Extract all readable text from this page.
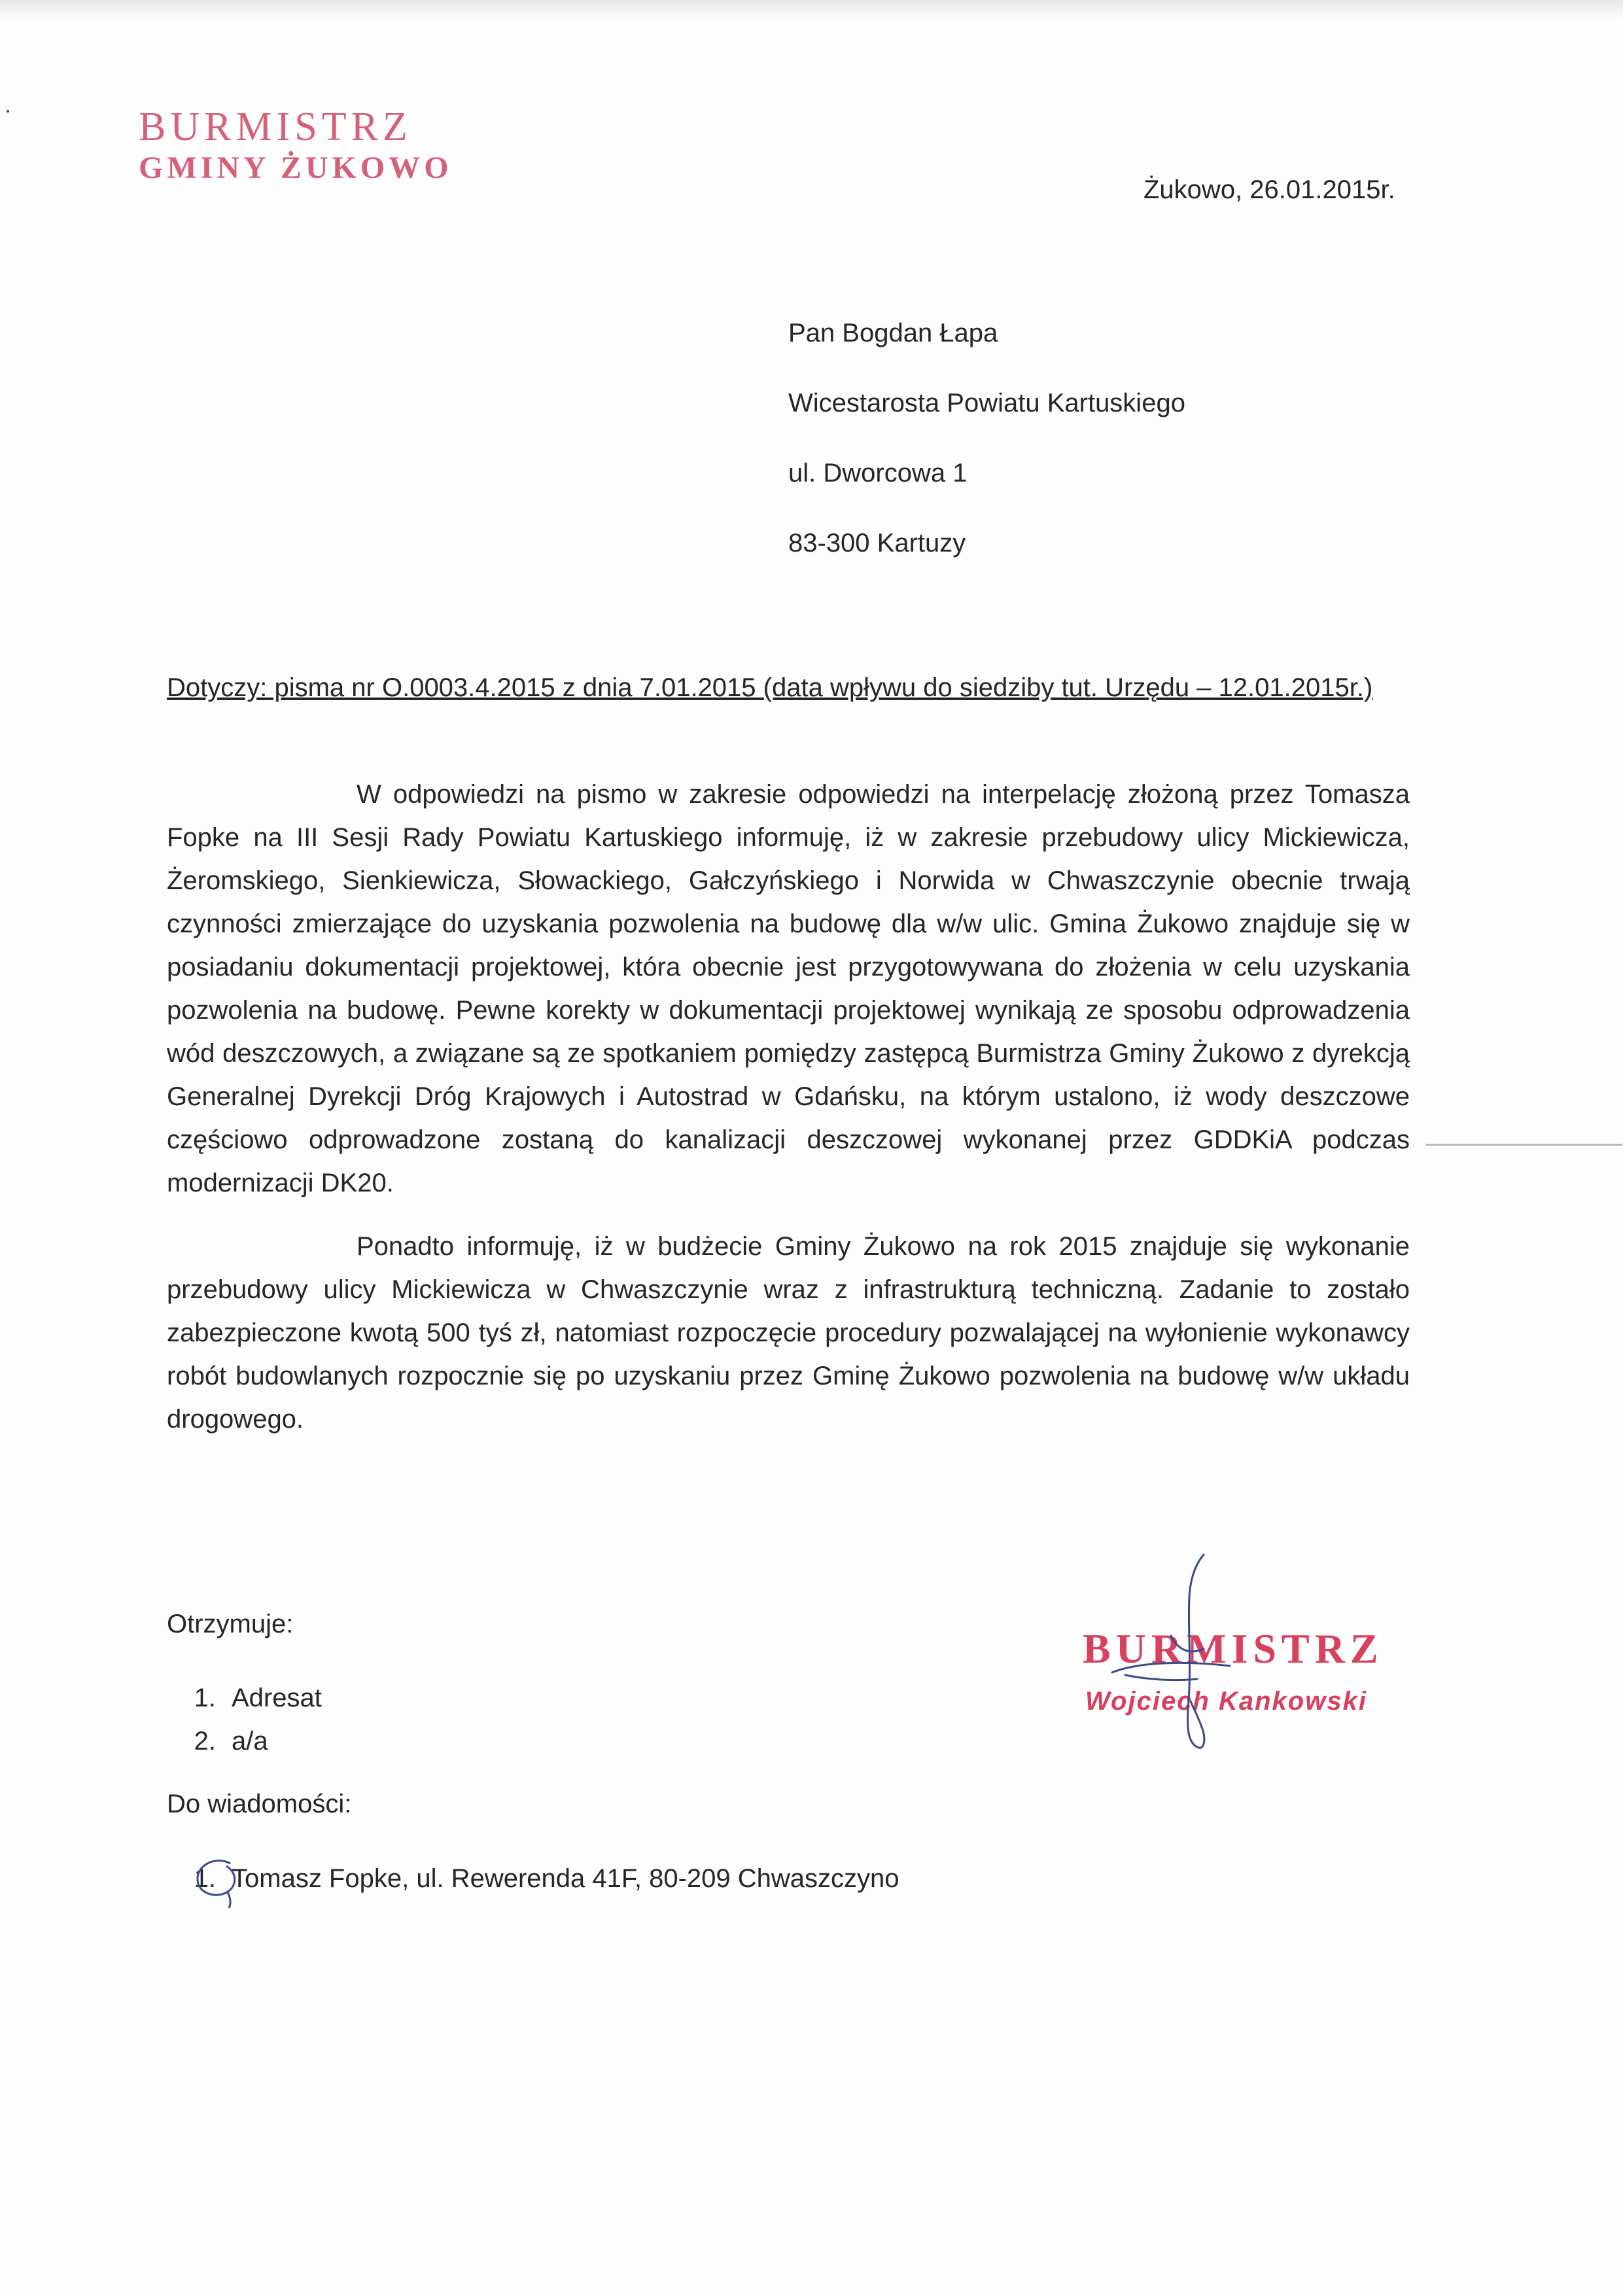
BURMISTRZ
GMINY ŻUKOWO
Żukowo, 26.01.2015r.
Pan Bogdan Łapa
Wicestarosta Powiatu Kartuskiego
ul. Dworcowa 1
83-300 Kartuzy
Dotyczy: pisma nr O.0003.4.2015 z dnia 7.01.2015 (data wpływu do siedziby tut. Urzędu – 12.01.2015r.)

W odpowiedzi na pismo w zakresie odpowiedzi na interpelację złożoną przez Tomasza Fopke na III Sesji Rady Powiatu Kartuskiego informuję, iż w zakresie przebudowy ulicy Mickiewicza, Żeromskiego, Sienkiewicza, Słowackiego, Gałczyńskiego i Norwida w Chwaszczynie obecnie trwają czynności zmierzające do uzyskania pozwolenia na budowę dla w/w ulic. Gmina Żukowo znajduje się w posiadaniu dokumentacji projektowej, która obecnie jest przygotowywana do złożenia w celu uzyskania pozwolenia na budowę. Pewne korekty w dokumentacji projektowej wynikają ze sposobu odprowadzenia wód deszczowych, a związane są ze spotkaniem pomiędzy zastępcą Burmistrza Gminy Żukowo z dyrekcją Generalnej Dyrekcji Dróg Krajowych i Autostrad w Gdańsku, na którym ustalono, iż wody deszczowe częściowo odprowadzone zostaną do kanalizacji deszczowej wykonanej przez GDDKiA podczas modernizacji DK20.

Ponadto informuję, iż w budżecie Gminy Żukowo na rok 2015 znajduje się wykonanie przebudowy ulicy Mickiewicza w Chwaszczynie wraz z infrastrukturą techniczną. Zadanie to zostało zabezpieczone kwotą 500 tyś zł, natomiast rozpoczęcie procedury pozwalającej na wyłonienie wykonawcy robót budowlanych rozpocznie się po uzyskaniu przez Gminę Żukowo pozwolenia na budowę w/w układu drogowego.

Otrzymuje:
1. Adresat
2. a/a
Do wiadomości:
1. Tomasz Fopke, ul. Rewerenda 41F, 80-209 Chwaszczyno
BURMISTRZ
Wojciech Kankowski
